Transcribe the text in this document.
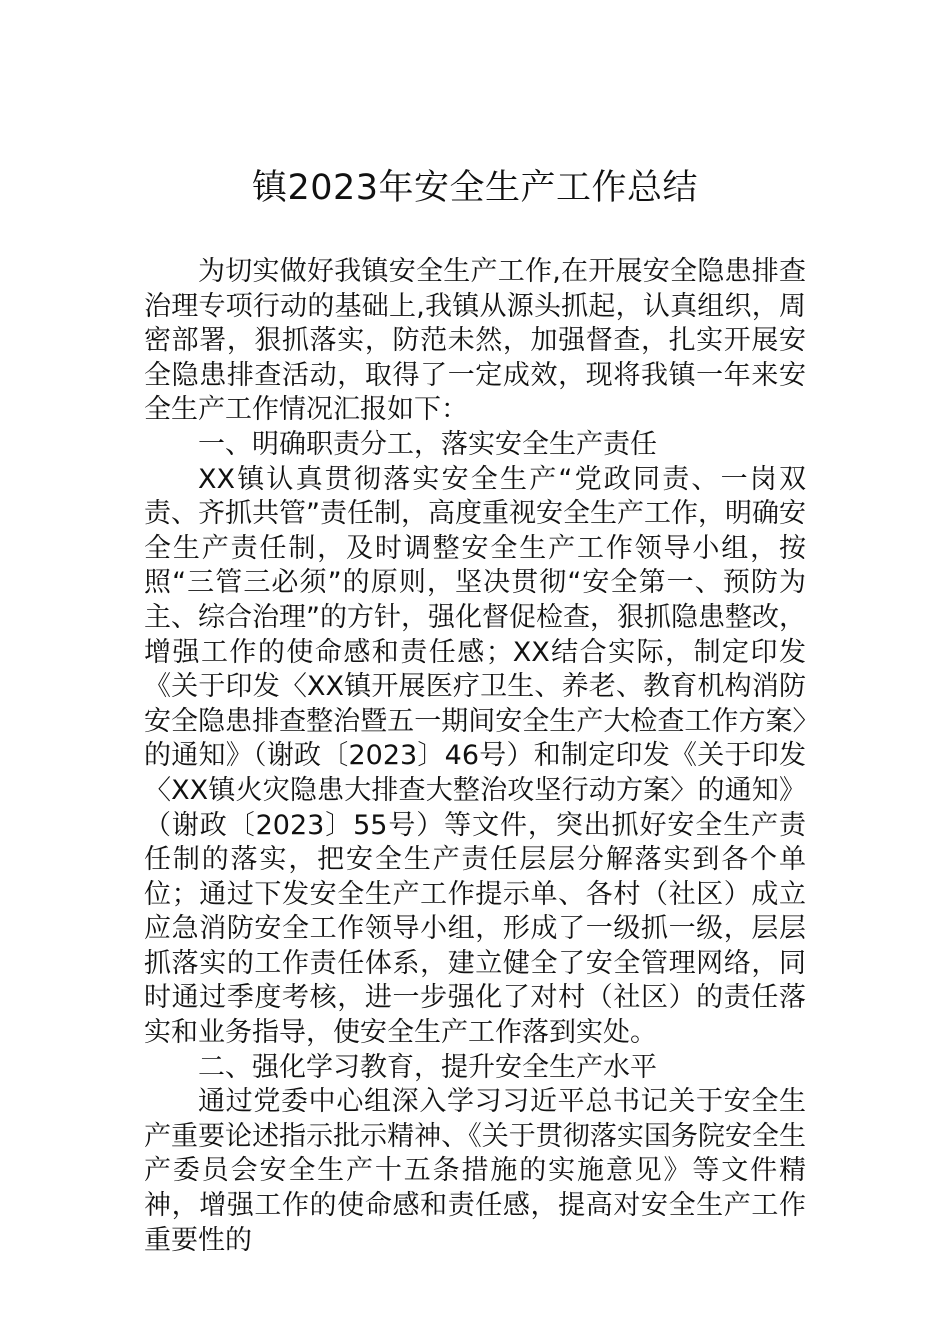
镇2023年安全生产工作总结

为切实做好我镇安全生产工作,在开展安全隐患排查治理专项行动的基础上,我镇从源头抓起，认真组织，周密部署，狠抓落实，防范未然，加强督查，扎实开展安全隐患排查活动，取得了一定成效，现将我镇一年来安全生产工作情况汇报如下：

一、明确职责分工，落实安全生产责任

XX镇认真贯彻落实安全生产“党政同责、一岗双责、齐抓共管”责任制，高度重视安全生产工作，明确安全生产责任制，及时调整安全生产工作领导小组，按照“三管三必须”的原则，坚决贯彻“安全第一、预防为主、综合治理”的方针，强化督促检查，狠抓隐患整改，增强工作的使命感和责任感；XX结合实际，制定印发《关于印发〈XX镇开展医疗卫生、养老、教育机构消防安全隐患排查整治暨五一期间安全生产大检查工作方案〉的通知》（谢政〔2023〕46号）和制定印发《关于印发〈XX镇火灾隐患大排查大整治攻坚行动方案〉的通知》（谢政〔2023〕55号）等文件，突出抓好安全生产责任制的落实，把安全生产责任层层分解落实到各个单位；通过下发安全生产工作提示单、各村（社区）成立应急消防安全工作领导小组，形成了一级抓一级，层层抓落实的工作责任体系，建立健全了安全管理网络，同时通过季度考核，进一步强化了对村（社区）的责任落实和业务指导，使安全生产工作落到实处。

二、强化学习教育，提升安全生产水平

通过党委中心组深入学习习近平总书记关于安全生产重要论述指示批示精神、《关于贯彻落实国务院安全生产委员会安全生产十五条措施的实施意见》等文件精神，增强工作的使命感和责任感，提高对安全生产工作重要性的
